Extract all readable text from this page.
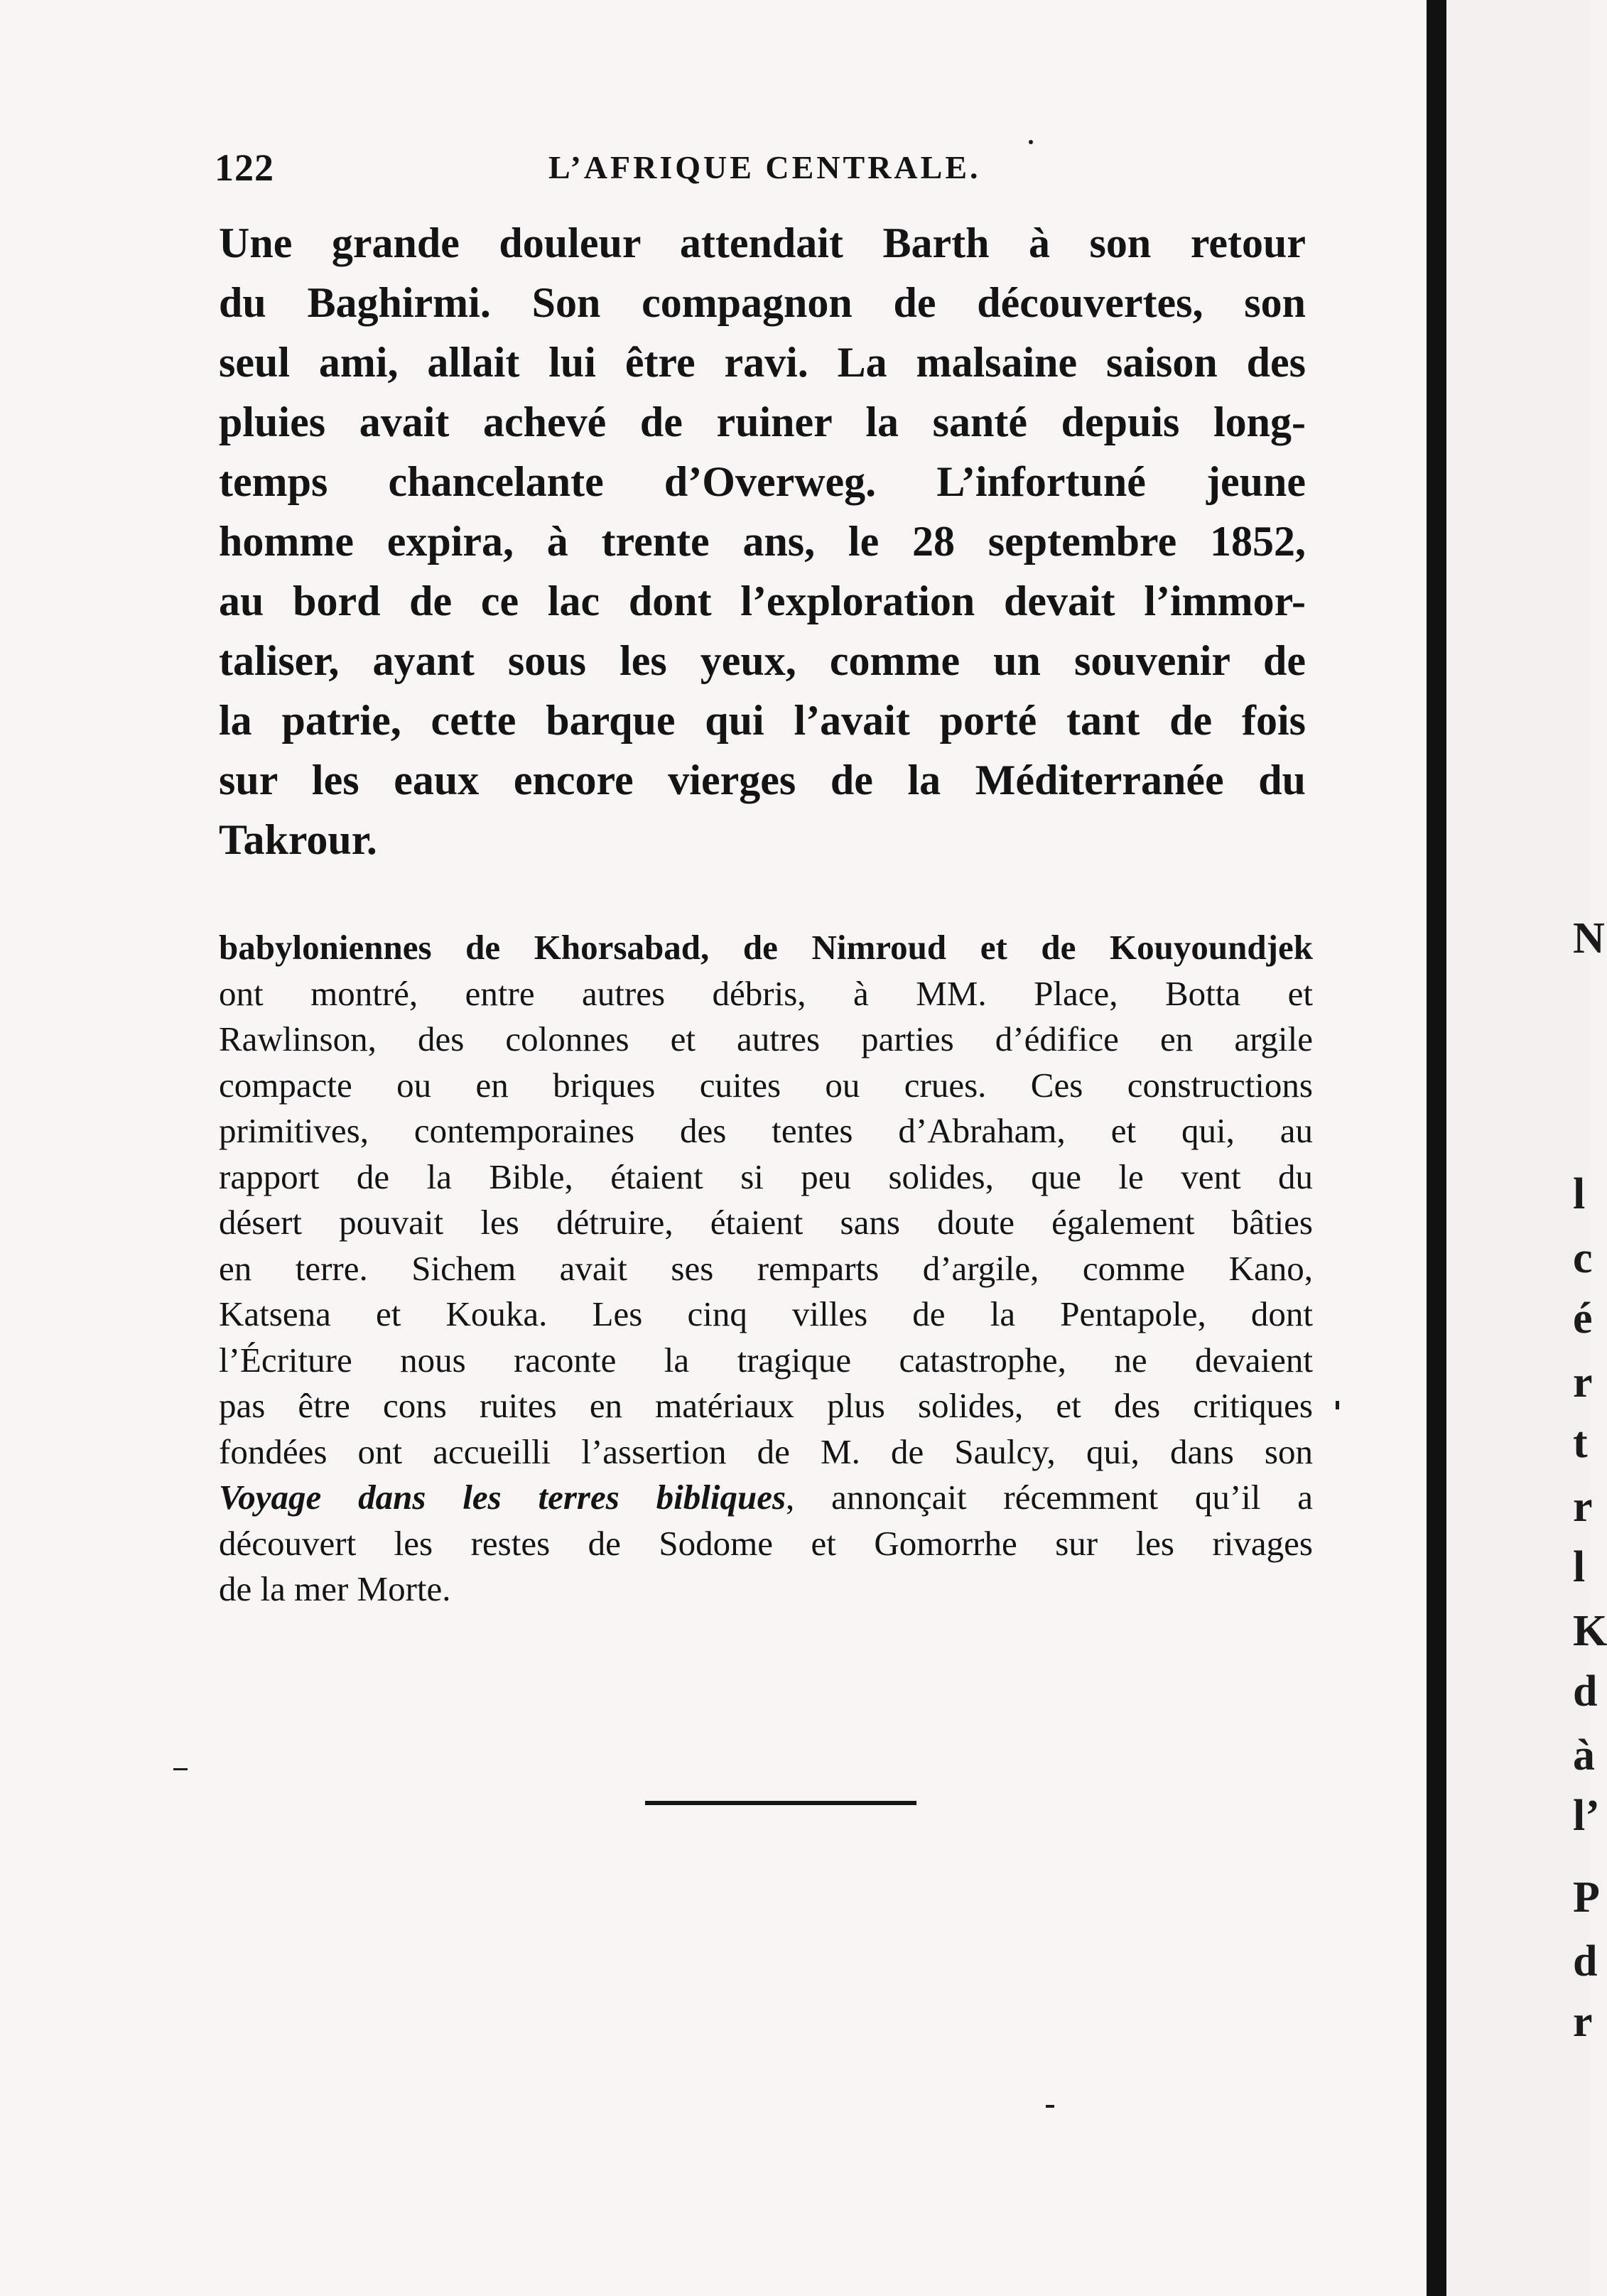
122	L’AFRIQUE CENTRALE.
Une grande douleur attendait Barth à son retour
du Baghirmi. Son compagnon de découvertes, son
seul ami, allait lui être ravi. La malsaine saison des
pluies avait achevé de ruiner la santé depuis long-
temps chancelante d’Overweg. L’infortuné jeune
homme expira, à trente ans, le 28 septembre 1852,
au bord de ce lac dont l’exploration devait l’immor-
taliser, ayant sous les yeux, comme un souvenir de
la patrie, cette barque qui l’avait porté tant de fois
sur les eaux encore vierges de la Méditerranée du
Takrour.
babyloniennes de Khorsabad, de Nimroud et de Kouyoundjek
ont montré, entre autres débris, à MM. Place, Botta et
Rawlinson, des colonnes et autres parties d’édifice en argile
compacte ou en briques cuites ou crues. Ces constructions
primitives, contemporaines des tentes d’Abraham, et qui, au
rapport de la Bible, étaient si peu solides, que le vent du
désert pouvait les détruire, étaient sans doute également bâties
en terre. Sichem avait ses remparts d’argile, comme Kano,
Katsena et Kouka. Les cinq villes de la Pentapole, dont
l’Écriture nous raconte la tragique catastrophe, ne devaient
pas être cons ruites en matériaux plus solides, et des critiques
fondées ont accueilli l’assertion de M. de Saulcy, qui, dans son
Voyage dans les terres bibliques, annonçait récemment qu’il a
découvert les restes de Sodome et Gomorrhe sur les rivages
de la mer Morte.
N
l
c
é
r
t
r
l
K
d
à
l’
P
d
r
